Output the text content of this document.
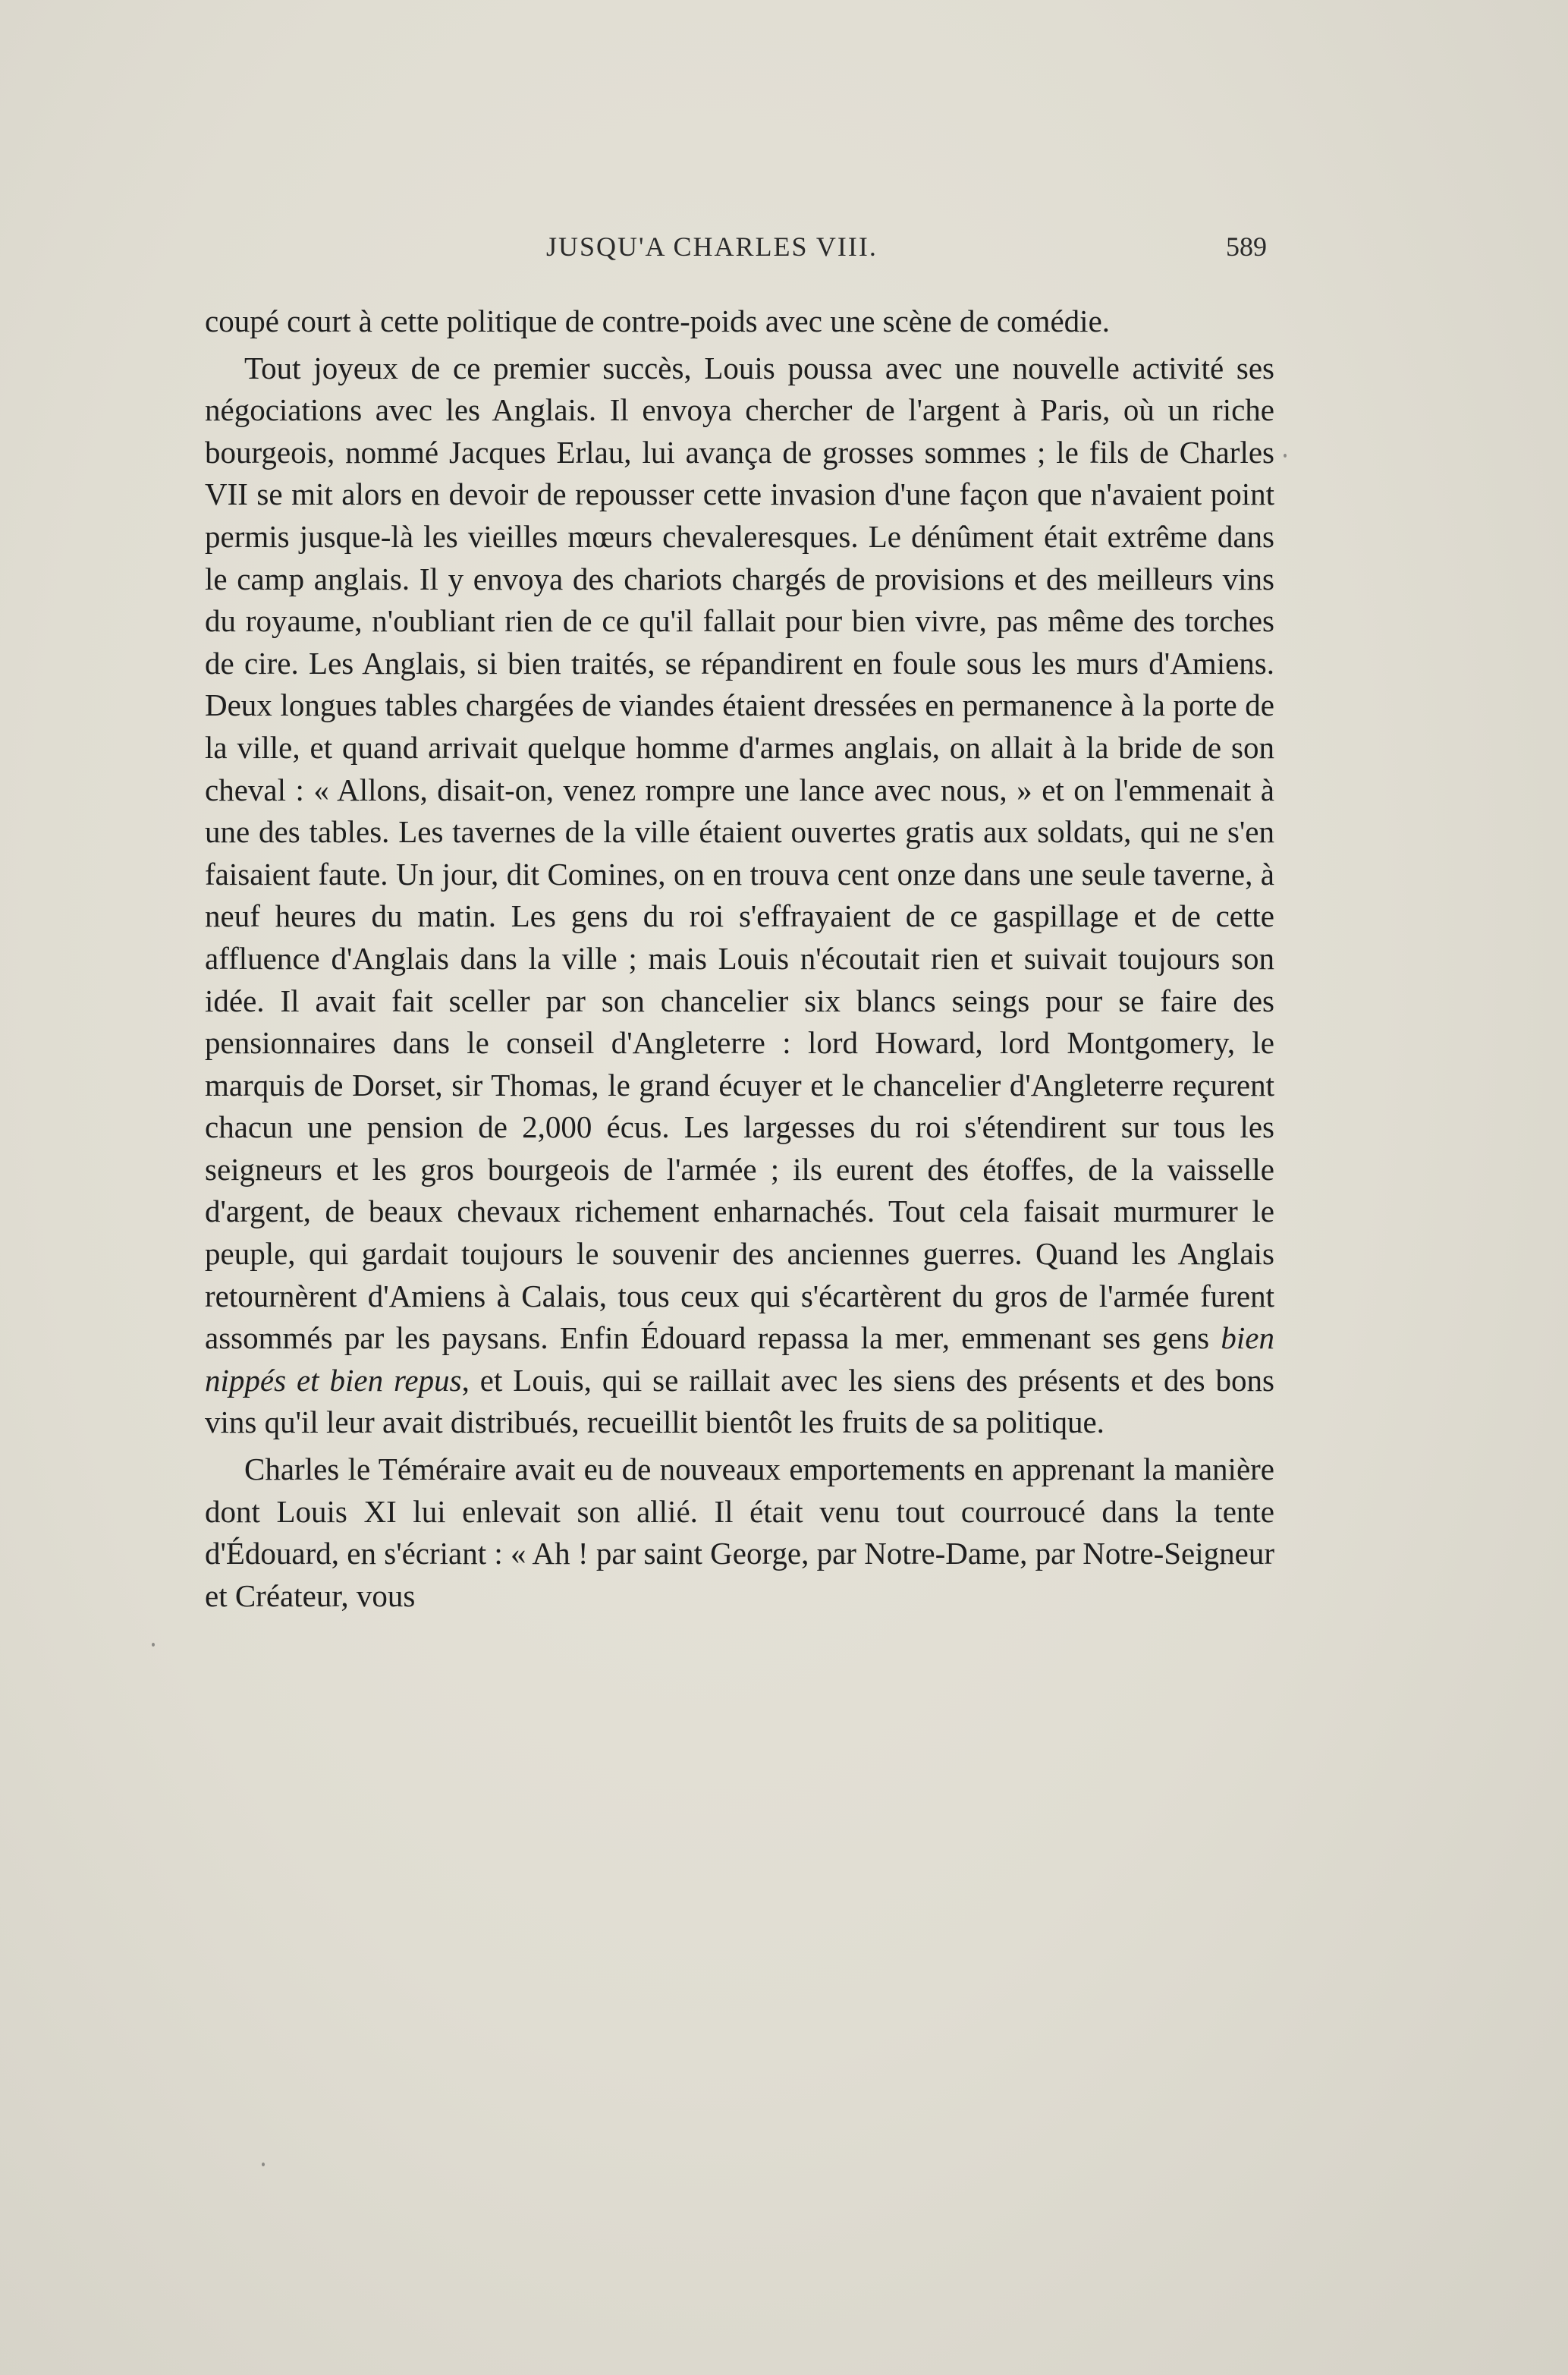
JUSQU'A CHARLES VIII.	589

coupé court à cette politique de contre-poids avec une scène de comédie.

Tout joyeux de ce premier succès, Louis poussa avec une nouvelle activité ses négociations avec les Anglais. Il envoya chercher de l'argent à Paris, où un riche bourgeois, nommé Jacques Erlau, lui avança de grosses sommes ; le fils de Charles VII se mit alors en devoir de repousser cette invasion d'une façon que n'avaient point permis jusque-là les vieilles mœurs chevaleresques. Le dénûment était extrême dans le camp anglais. Il y envoya des chariots chargés de provisions et des meilleurs vins du royaume, n'oubliant rien de ce qu'il fallait pour bien vivre, pas même des torches de cire. Les Anglais, si bien traités, se répandirent en foule sous les murs d'Amiens. Deux longues tables chargées de viandes étaient dressées en permanence à la porte de la ville, et quand arrivait quelque homme d'armes anglais, on allait à la bride de son cheval : « Allons, disait-on, venez rompre une lance avec nous, » et on l'emmenait à une des tables. Les tavernes de la ville étaient ouvertes gratis aux soldats, qui ne s'en faisaient faute. Un jour, dit Comines, on en trouva cent onze dans une seule taverne, à neuf heures du matin. Les gens du roi s'effrayaient de ce gaspillage et de cette affluence d'Anglais dans la ville ; mais Louis n'écoutait rien et suivait toujours son idée. Il avait fait sceller par son chancelier six blancs seings pour se faire des pensionnaires dans le conseil d'Angleterre : lord Howard, lord Montgomery, le marquis de Dorset, sir Thomas, le grand écuyer et le chancelier d'Angleterre reçurent chacun une pension de 2,000 écus. Les largesses du roi s'étendirent sur tous les seigneurs et les gros bourgeois de l'armée ; ils eurent des étoffes, de la vaisselle d'argent, de beaux chevaux richement enharnachés. Tout cela faisait murmurer le peuple, qui gardait toujours le souvenir des anciennes guerres. Quand les Anglais retournèrent d'Amiens à Calais, tous ceux qui s'écartèrent du gros de l'armée furent assommés par les paysans. Enfin Édouard repassa la mer, emmenant ses gens bien nippés et bien repus, et Louis, qui se raillait avec les siens des présents et des bons vins qu'il leur avait distribués, recueillit bientôt les fruits de sa politique.

Charles le Téméraire avait eu de nouveaux emportements en apprenant la manière dont Louis XI lui enlevait son allié. Il était venu tout courroucé dans la tente d'Édouard, en s'écriant : « Ah ! par saint George, par Notre-Dame, par Notre-Seigneur et Créateur, vous
